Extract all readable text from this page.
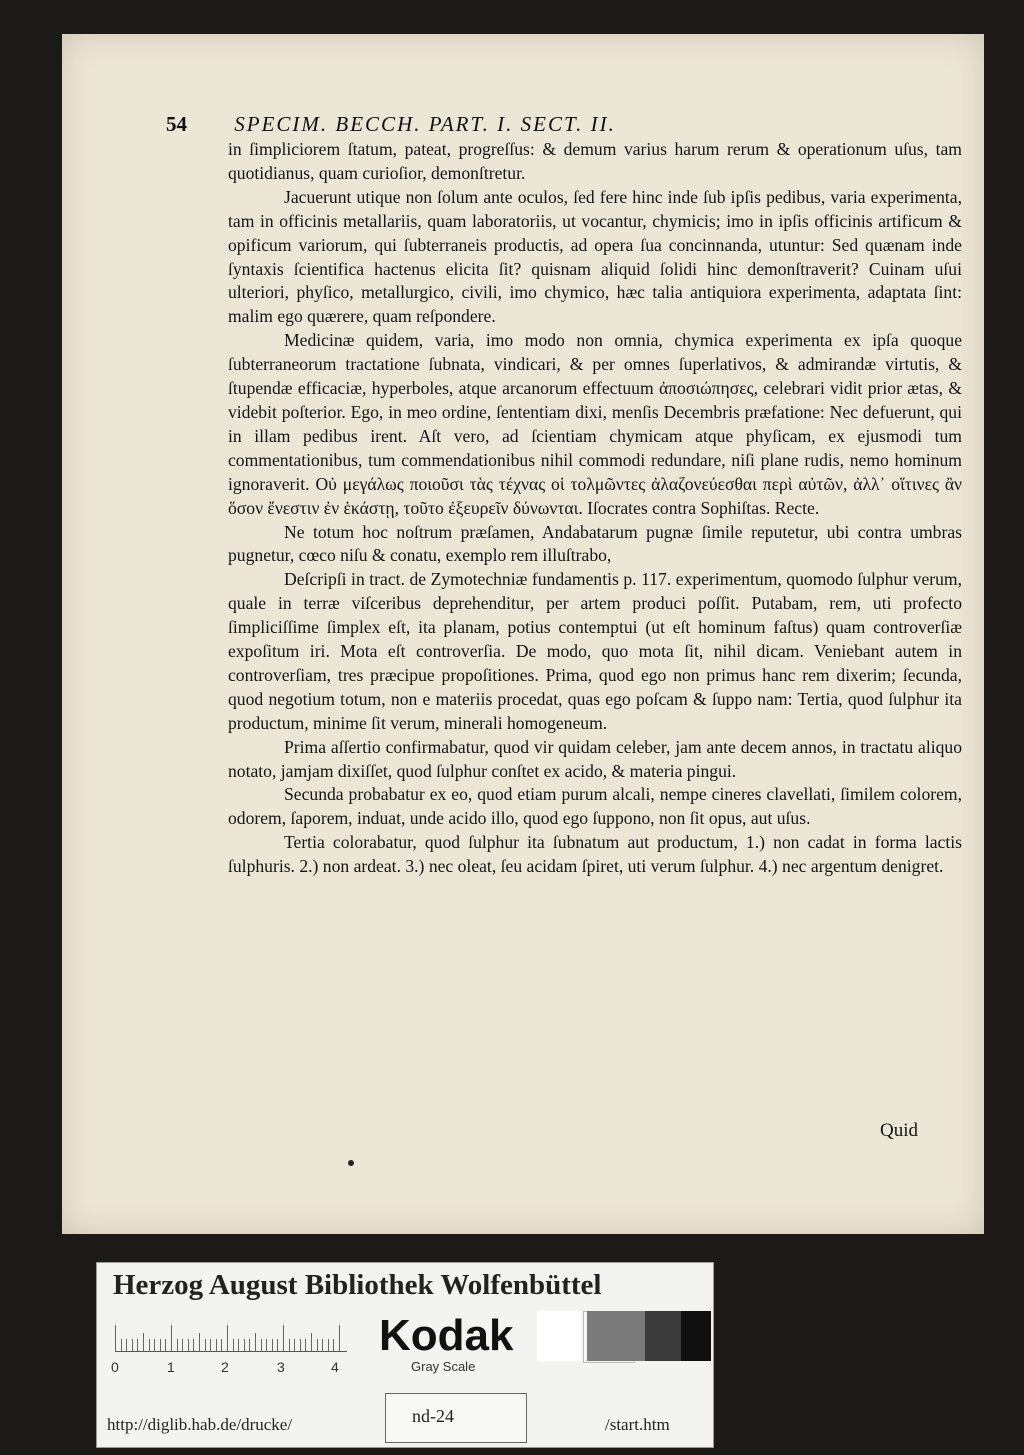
54 SPECIM. BECCH. PART. I. SECT. II.

in ſimpliciorem ſtatum, pateat, progreſſus: & demum varius harum rerum & operationum uſus, tam quotidianus, quam curioſior, demonſtretur.

Jacuerunt utique non ſolum ante oculos, ſed fere hinc inde ſub ipſis pedibus, varia experimenta, tam in officinis metallariis, quam laboratoriis, ut vocantur, chymicis; imo in ipſis officinis artificum & opificum variorum, qui ſubterraneis productis, ad opera ſua concinnanda, utuntur: Sed quænam inde ſyntaxis ſcientifica hactenus elicita ſit? quisnam aliquid ſolidi hinc demonſtraverit? Cuinam uſui ulteriori, phyſico, metallurgico, civili, imo chymico, hæc talia antiquiora experimenta, adaptata ſint: malim ego quærere, quam reſpondere.

Medicinæ quidem, varia, imo modo non omnia, chymica experimenta ex ipſa quoque ſubterraneorum tractatione ſubnata, vindicari, & per omnes ſuperlativos, & admirandæ virtutis, & ſtupendæ efficaciæ, hyperboles, atque arcanorum effectuum ἀποσιώπησες, celebrari vidit prior ætas, & videbit poſterior. Ego, in meo ordine, ſententiam dixi, menſis Decembris præfatione: Nec defuerunt, qui in illam pedibus irent. Aſt vero, ad ſcientiam chymicam atque phyſicam, ex ejusmodi tum commentationibus, tum commendationibus nihil commodi redundare, niſi plane rudis, nemo hominum ignoraverit. Οὐ μεγάλως ποιοῦσι τὰς τέχνας οἱ τολμῶντες ἀλαζονεύεσθαι περὶ αὐτῶν, ἀλλ᾽ οἵτινες ἂν ὅσον ἔνεστιν ἐν ἑκάστῃ, τοῦτο ἐξευρεῖν δύνωνται. Iſocrates contra Sophiſtas. Recte.

Ne totum hoc noſtrum præſamen, Andabatarum pugnæ ſimile reputetur, ubi contra umbras pugnetur, cœco niſu & conatu, exemplo rem illuſtrabo,

Deſcripſi in tract. de Zymotechniæ fundamentis p. 117. experimentum, quomodo ſulphur verum, quale in terræ viſceribus deprehenditur, per artem produci poſſit. Putabam, rem, uti profecto ſimpliciſſime ſimplex eſt, ita planam, potius contemptui (ut eſt hominum faſtus) quam controverſiæ expoſitum iri. Mota eſt controverſia. De modo, quo mota ſit, nihil dicam. Veniebant autem in controverſiam, tres præcipue propoſitiones. Prima, quod ego non primus hanc rem dixerim; ſecunda, quod negotium totum, non e materiis procedat, quas ego poſcam & ſuppo nam: Tertia, quod ſulphur ita productum, minime ſit verum, minerali homogeneum.

Prima aſſertio confirmabatur, quod vir quidam celeber, jam ante decem annos, in tractatu aliquo notato, jamjam dixiſſet, quod ſulphur conſtet ex acido, & materia pingui.

Secunda probabatur ex eo, quod etiam purum alcali, nempe cineres clavellati, ſimilem colorem, odorem, ſaporem, induat, unde acido illo, quod ego ſuppono, non ſit opus, aut uſus.

Tertia colorabatur, quod ſulphur ita ſubnatum aut productum, 1.) non cadat in forma lactis ſulphuris. 2.) non ardeat. 3.) nec oleat, ſeu acidam ſpiret, uti verum ſulphur. 4.) nec argentum denigret.

Quid
Herzog August Bibliothek Wolfenbüttel
0	1	2	3	4
Kodak
Gray Scale
http://diglib.hab.de/drucke/	nd-24	/start.htm
